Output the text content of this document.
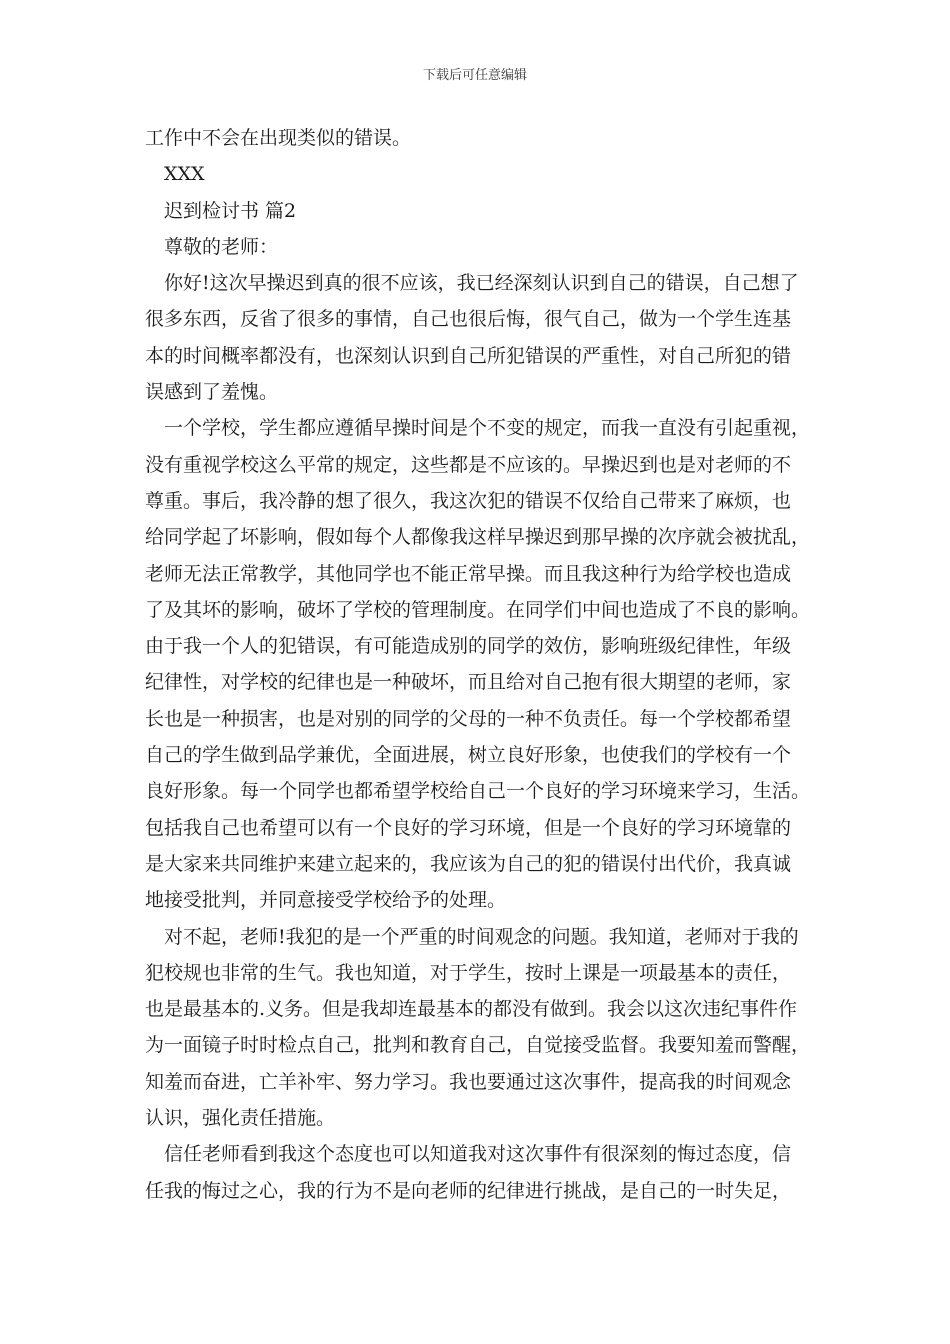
下载后可任意编辑
工作中不会在出现类似的错误。
XXX
迟到检讨书 篇2
尊敬的老师：
你好!这次早操迟到真的很不应该，我已经深刻认识到自己的错误，自己想了
很多东西，反省了很多的事情，自己也很后悔，很气自己，做为一个学生连基
本的时间概率都没有，也深刻认识到自己所犯错误的严重性，对自己所犯的错
误感到了羞愧。
一个学校，学生都应遵循早操时间是个不变的规定，而我一直没有引起重视，
没有重视学校这么平常的规定，这些都是不应该的。早操迟到也是对老师的不
尊重。事后，我冷静的想了很久，我这次犯的错误不仅给自己带来了麻烦，也
给同学起了坏影响，假如每个人都像我这样早操迟到那早操的次序就会被扰乱，
老师无法正常教学，其他同学也不能正常早操。而且我这种行为给学校也造成
了及其坏的影响，破坏了学校的管理制度。在同学们中间也造成了不良的影响。
由于我一个人的犯错误，有可能造成别的同学的效仿，影响班级纪律性，年级
纪律性，对学校的纪律也是一种破坏，而且给对自己抱有很大期望的老师，家
长也是一种损害，也是对别的同学的父母的一种不负责任。每一个学校都希望
自己的学生做到品学兼优，全面进展，树立良好形象，也使我们的学校有一个
良好形象。每一个同学也都希望学校给自己一个良好的学习环境来学习，生活。
包括我自己也希望可以有一个良好的学习环境，但是一个良好的学习环境靠的
是大家来共同维护来建立起来的，我应该为自己的犯的错误付出代价，我真诚
地接受批判，并同意接受学校给予的处理。
对不起，老师!我犯的是一个严重的时间观念的问题。我知道，老师对于我的
犯校规也非常的生气。我也知道，对于学生，按时上课是一项最基本的责任，
也是最基本的.义务。但是我却连最基本的都没有做到。我会以这次违纪事件作
为一面镜子时时检点自己，批判和教育自己，自觉接受监督。我要知羞而警醒，
知羞而奋进，亡羊补牢、努力学习。我也要通过这次事件，提高我的时间观念
认识，强化责任措施。
信任老师看到我这个态度也可以知道我对这次事件有很深刻的悔过态度，信
任我的悔过之心，我的行为不是向老师的纪律进行挑战，是自己的一时失足，
